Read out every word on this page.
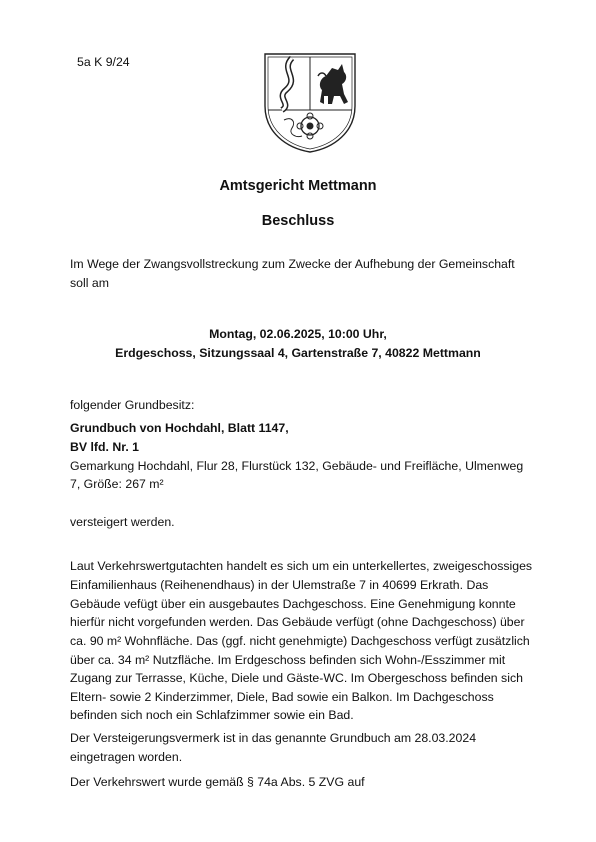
5a K 9/24
Amtsgericht Mettmann
Beschluss
Im Wege der Zwangsvollstreckung zum Zwecke der Aufhebung der Gemeinschaft
soll am
Montag, 02.06.2025, 10:00 Uhr,
Erdgeschoss, Sitzungssaal 4, Gartenstraße 7, 40822 Mettmann
folgender Grundbesitz:
Grundbuch von Hochdahl, Blatt 1147,
BV lfd. Nr. 1
Gemarkung Hochdahl, Flur 28, Flurstück 132, Gebäude- und Freifläche, Ulmenweg
7, Größe: 267 m²
versteigert werden.
Laut Verkehrswertgutachten handelt es sich um ein unterkellertes, zweigeschossiges
Einfamilienhaus (Reihenendhaus) in der Ulemstraße 7 in 40699 Erkrath. Das
Gebäude vefügt über ein ausgebautes Dachgeschoss. Eine Genehmigung konnte
hierfür nicht vorgefunden werden. Das Gebäude verfügt (ohne Dachgeschoss) über
ca. 90 m² Wohnfläche. Das (ggf. nicht genehmigte) Dachgeschoss verfügt zusätzlich
über ca. 34 m² Nutzfläche. Im Erdgeschoss befinden sich Wohn-/Esszimmer mit
Zugang zur Terrasse, Küche, Diele und Gäste-WC. Im Obergeschoss befinden sich
Eltern- sowie 2 Kinderzimmer, Diele, Bad sowie ein Balkon. Im Dachgeschoss
befinden sich noch ein Schlafzimmer sowie ein Bad.
Der Versteigerungsvermerk ist in das genannte Grundbuch am 28.03.2024
eingetragen worden.
Der Verkehrswert wurde gemäß § 74a Abs. 5 ZVG auf
